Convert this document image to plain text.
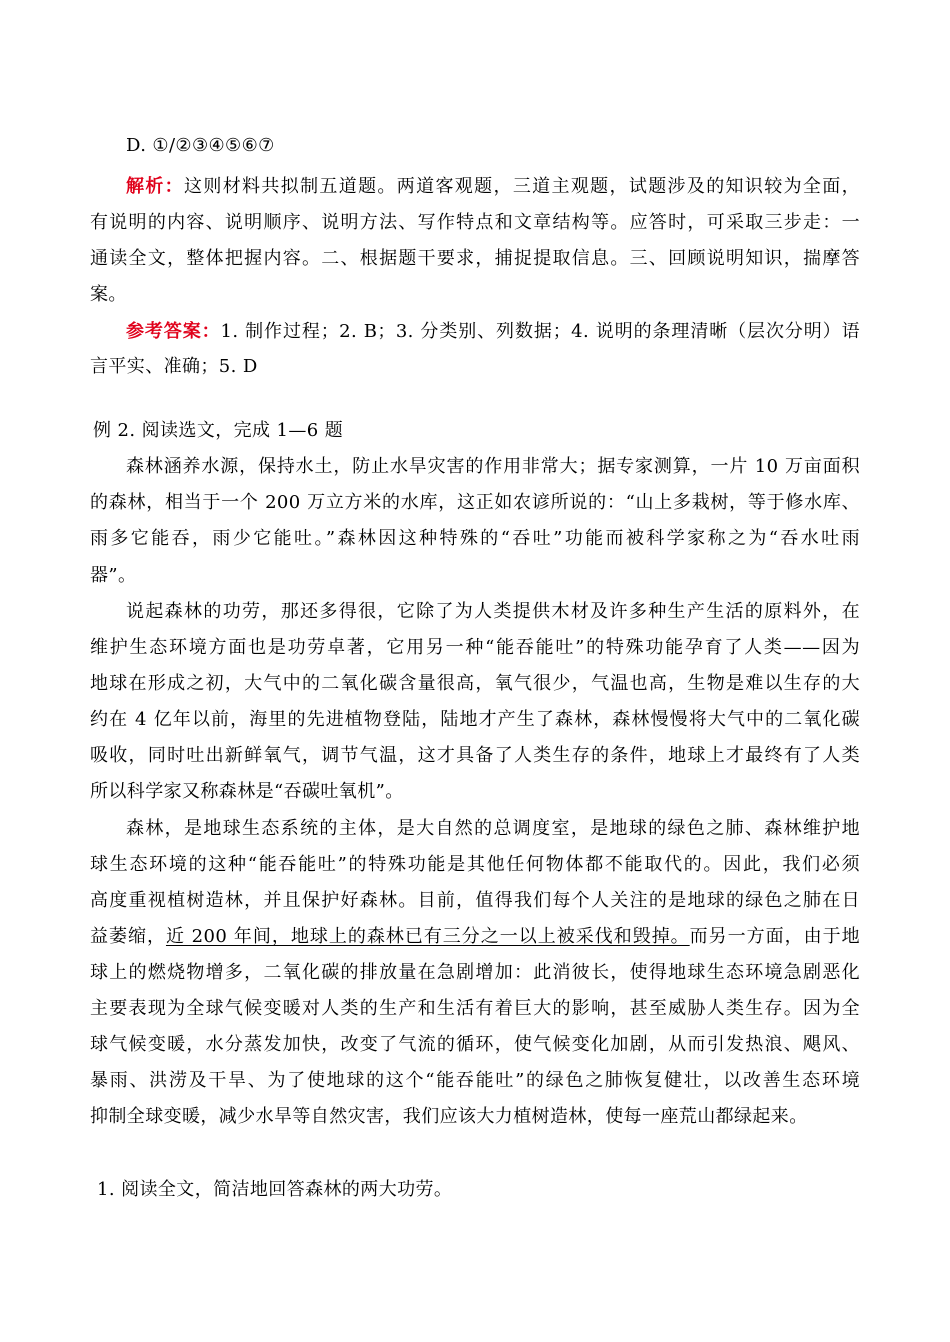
D. ①/②③④⑤⑥⑦
解析：这则材料共拟制五道题。两道客观题，三道主观题，试题涉及的知识较为全面，
有说明的内容、说明顺序、说明方法、写作特点和文章结构等。应答时，可采取三步走：一
通读全文，整体把握内容。二、根据题干要求，捕捉提取信息。三、回顾说明知识，揣摩答
案。
参考答案：1. 制作过程；2. B；3. 分类别、列数据；4. 说明的条理清晰（层次分明）语
言平实、准确；5. D
例 2. 阅读选文，完成 1—6 题
森林涵养水源，保持水土，防止水旱灾害的作用非常大；据专家测算，一片 10 万亩面积
的森林，相当于一个 200 万立方米的水库，这正如农谚所说的：“山上多栽树，等于修水库、
雨多它能吞，雨少它能吐。”森林因这种特殊的“吞吐”功能而被科学家称之为“吞水吐雨
器”。
说起森林的功劳，那还多得很，它除了为人类提供木材及许多种生产生活的原料外，在
维护生态环境方面也是功劳卓著，它用另一种“能吞能吐”的特殊功能孕育了人类——因为
地球在形成之初，大气中的二氧化碳含量很高，氧气很少，气温也高，生物是难以生存的大
约在 4 亿年以前，海里的先进植物登陆，陆地才产生了森林，森林慢慢将大气中的二氧化碳
吸收，同时吐出新鲜氧气，调节气温，这才具备了人类生存的条件，地球上才最终有了人类
所以科学家又称森林是“吞碳吐氧机”。
森林，是地球生态系统的主体，是大自然的总调度室，是地球的绿色之肺、森林维护地
球生态环境的这种“能吞能吐”的特殊功能是其他任何物体都不能取代的。因此，我们必须
高度重视植树造林，并且保护好森林。目前，值得我们每个人关注的是地球的绿色之肺在日
益萎缩，近 200 年间，地球上的森林已有三分之一以上被采伐和毁掉。而另一方面，由于地
球上的燃烧物增多，二氧化碳的排放量在急剧增加：此消彼长，使得地球生态环境急剧恶化
主要表现为全球气候变暖对人类的生产和生活有着巨大的影响，甚至威胁人类生存。因为全
球气候变暖，水分蒸发加快，改变了气流的循环，使气候变化加剧，从而引发热浪、飓风、
暴雨、洪涝及干旱、为了使地球的这个“能吞能吐”的绿色之肺恢复健壮，以改善生态环境
抑制全球变暖，减少水旱等自然灾害，我们应该大力植树造林，使每一座荒山都绿起来。
1. 阅读全文，简洁地回答森林的两大功劳。
